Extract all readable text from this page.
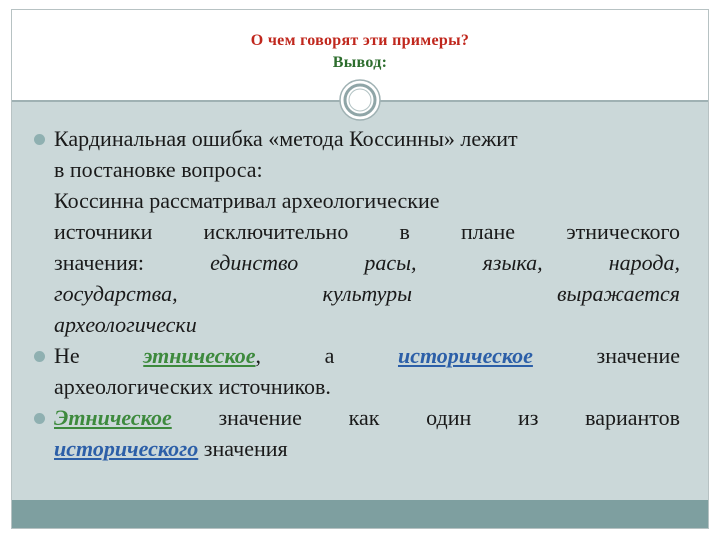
О чем говорят эти примеры?
Вывод:
Кардинальная ошибка «метода Коссинны» лежит
в постановке вопроса:
Коссинна рассматривал археологические
источники исключительно в плане этнического
значения: единство расы, языка, народа,
государства, культуры выражается
археологически
Не этническое, а историческое значение
археологических источников.
Этническое значение как один из вариантов
исторического значения
